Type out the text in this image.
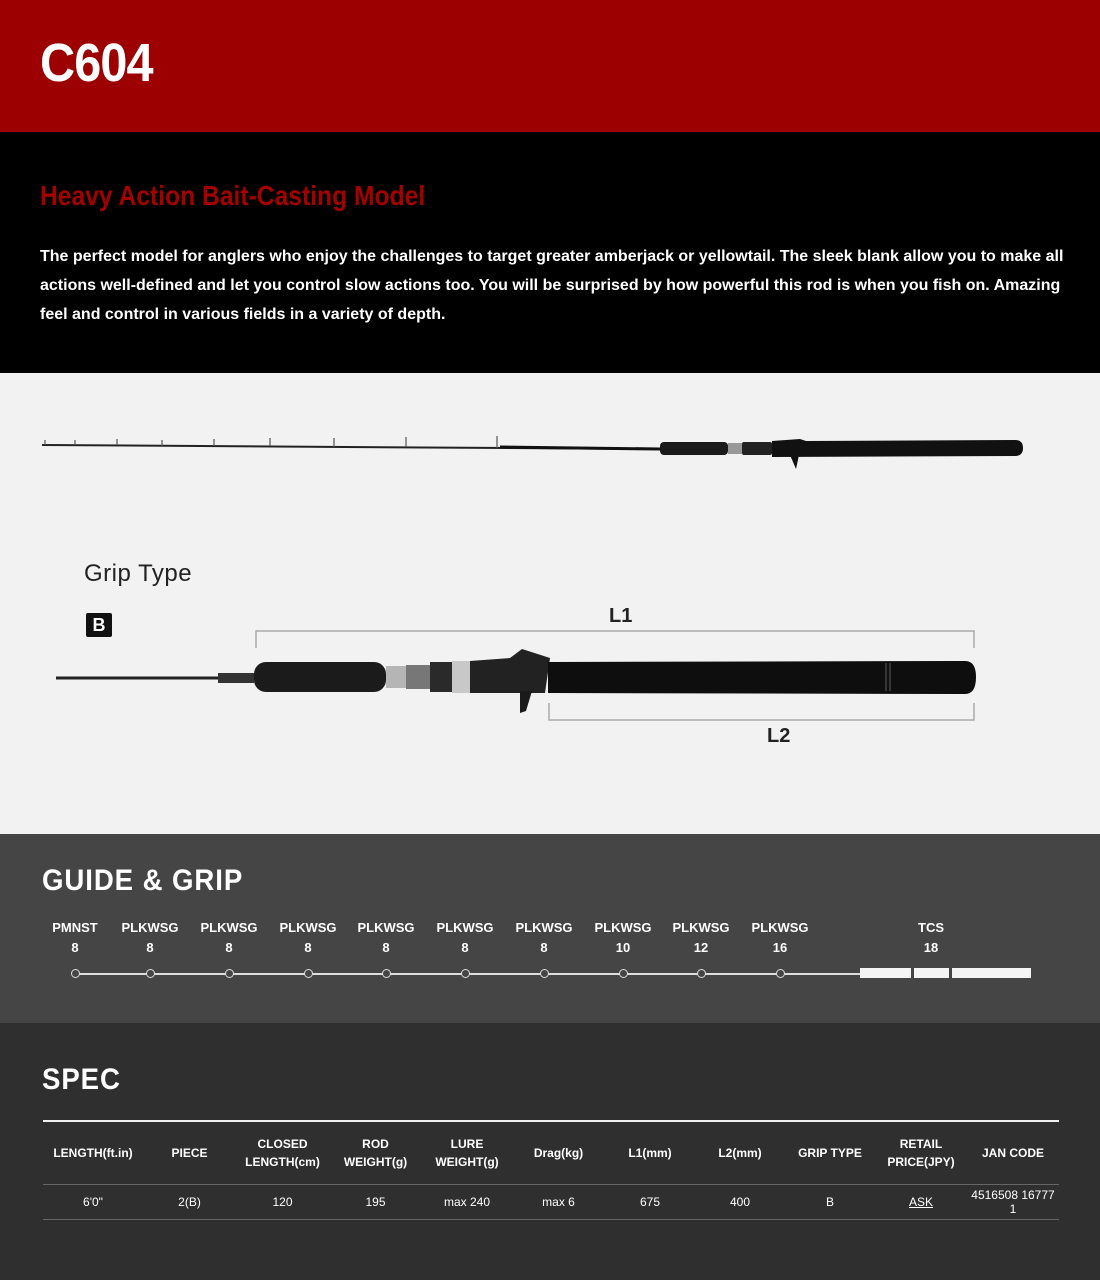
C604
Heavy Action Bait-Casting Model

The perfect model for anglers who enjoy the challenges to target greater amberjack or yellowtail. The sleek blank allow you to make all actions well-defined and let you control slow actions too. You will be surprised by how powerful this rod is when you fish on. Amazing feel and control in various fields in a variety of depth.

Grip Type
B	L1
L2
GUIDE & GRIP
PMNST
8
PLKWSG
8
PLKWSG
8
PLKWSG
8
PLKWSG
8
PLKWSG
8
PLKWSG
8
PLKWSG
10
PLKWSG
12
PLKWSG
16
TCS
18
SPEC
LENGTH(ft.in)	PIECE	CLOSED LENGTH(cm)	ROD WEIGHT(g)	LURE WEIGHT(g)	Drag(kg)	L1(mm)	L2(mm)	GRIP TYPE	RETAIL PRICE(JPY)	JAN CODE
6'0"	2(B)	120	195	max 240	max 6	675	400	B	ASK	4516508 16777 1
